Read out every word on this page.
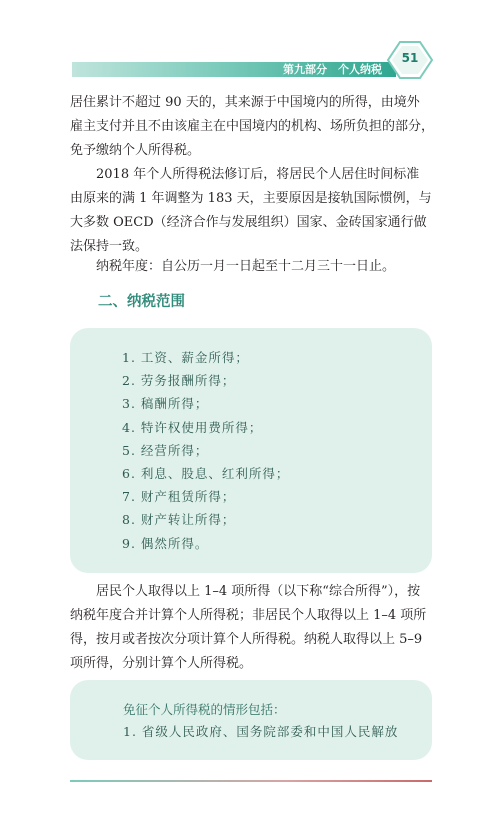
第九部分　个人纳税
51
居住累计不超过 90 天的，其来源于中国境内的所得，由境外
雇主支付并且不由该雇主在中国境内的机构、场所负担的部分，
免予缴纳个人所得税。
2018 年个人所得税法修订后，将居民个人居住时间标准
由原来的满 1 年调整为 183 天，主要原因是接轨国际惯例，与
大多数 OECD（经济合作与发展组织）国家、金砖国家通行做
法保持一致。
纳税年度：自公历一月一日起至十二月三十一日止。
二、纳税范围
1. 工资、薪金所得；
2. 劳务报酬所得；
3. 稿酬所得；
4. 特许权使用费所得；
5. 经营所得；
6. 利息、股息、红利所得；
7. 财产租赁所得；
8. 财产转让所得；
9. 偶然所得。
居民个人取得以上 1–4 项所得（以下称“综合所得”），按
纳税年度合并计算个人所得税；非居民个人取得以上 1–4 项所
得，按月或者按次分项计算个人所得税。纳税人取得以上 5–9
项所得，分别计算个人所得税。

免征个人所得税的情形包括：

1. 省级人民政府、国务院部委和中国人民解放
